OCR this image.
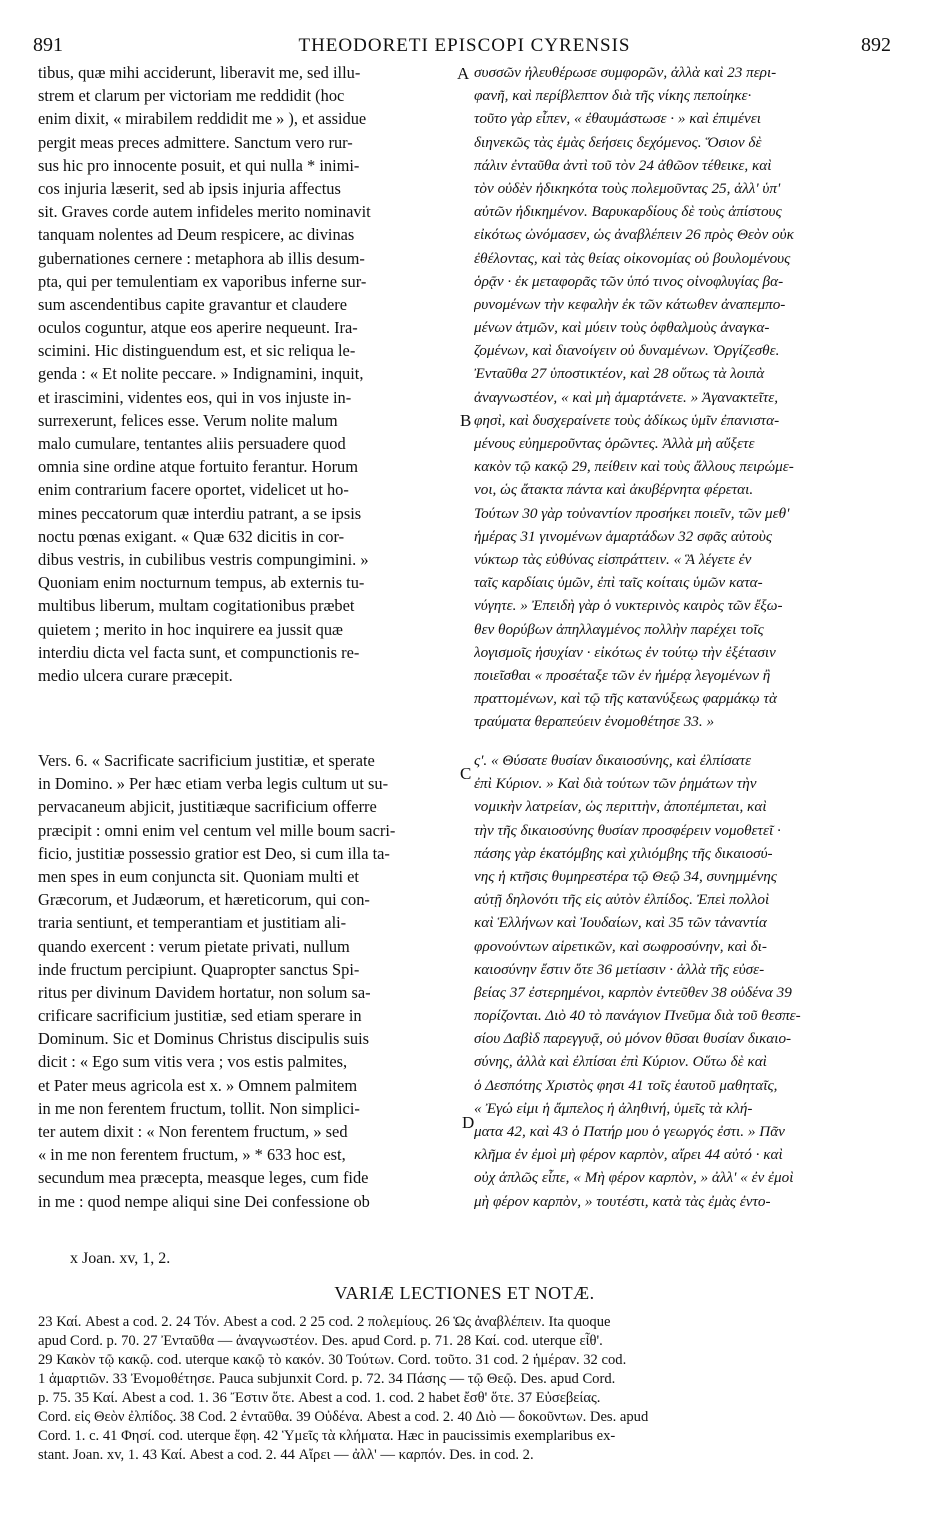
891	THEODORETI EPISCOPI CYRENSIS	892
tibus, quæ mihi acciderunt, liberavit me, sed illu-
strem et clarum per victoriam me reddidit (hoc
enim dixit, « mirabilem reddidit me » ), et assidue
pergit meas preces admittere. Sanctum vero rur-
sus hic pro innocente posuit, et qui nulla * inimi-
cos injuria læserit, sed ab ipsis injuria affectus
sit. Graves corde autem infideles merito nominavit
tanquam nolentes ad Deum respicere, ac divinas
gubernationes cernere : metaphora ab illis desum-
pta, qui per temulentiam ex vaporibus inferne sur-
sum ascendentibus capite gravantur et claudere
oculos coguntur, atque eos aperire nequeunt. Ira-
scimini. Hic distinguendum est, et sic reliqua le-
genda : « Et nolite peccare. » Indignamini, inquit,
et irascimini, videntes eos, qui in vos injuste in-
surrexerunt, felices esse. Verum nolite malum
malo cumulare, tentantes aliis persuadere quod
omnia sine ordine atque fortuito ferantur. Horum
enim contrarium facere oportet, videlicet ut ho-
mines peccatorum quæ interdiu patrant, a se ipsis
noctu pœnas exigant. « Quæ 632 dicitis in cor-
dibus vestris, in cubilibus vestris compungimini. »
Quoniam enim nocturnum tempus, ab externis tu-
multibus liberum, multam cogitationibus præbet
quietem ; merito in hoc inquirere ea jussit quæ
interdiu dicta vel facta sunt, et compunctionis re-
medio ulcera curare præcepit.
Vers. 6. « Sacrificate sacrificium justitiæ, et sperate
in Domino. » Per hæc etiam verba legis cultum ut su-
pervacaneum abjicit, justitiæque sacrificium offerre
præcipit : omni enim vel centum vel mille boum sacri-
ficio, justitiæ possessio gratior est Deo, si cum illa ta-
men spes in eum conjuncta sit. Quoniam multi et
Græcorum, et Judæorum, et hæreticorum, qui con-
traria sentiunt, et temperantiam et justitiam ali-
quando exercent : verum pietate privati, nullum
inde fructum percipiunt. Quapropter sanctus Spi-
ritus per divinum Davidem hortatur, non solum sa-
crificare sacrificium justitiæ, sed etiam sperare in
Dominum. Sic et Dominus Christus discipulis suis
dicit : « Ego sum vitis vera ; vos estis palmites,
et Pater meus agricola est x. » Omnem palmitem
in me non ferentem fructum, tollit. Non simplici-
ter autem dixit : « Non ferentem fructum, » sed
« in me non ferentem fructum, » * 633 hoc est,
secundum mea præcepta, measque leges, cum fide
in me : quod nempe aliqui sine Dei confessione ob
συσσῶν ἠλευθέρωσε συμφορῶν, ἀλλὰ καὶ 23 περι-
φανῆ, καὶ περίβλεπτον διὰ τῆς νίκης πεποίηκε·
τοῦτο γὰρ εἶπεν, « ἐθαυμάστωσε · » καὶ ἐπιμένει
διηνεκῶς τὰς ἐμὰς δεήσεις δεχόμενος. Ὅσιον δὲ
πάλιν ἐνταῦθα ἀντὶ τοῦ τὸν 24 ἀθῶον τέθεικε, καὶ
τὸν οὐδὲν ἠδικηκότα τοὺς πολεμοῦντας 25, ἀλλ' ὑπ'
αὐτῶν ἠδικημένον. Βαρυκαρδίους δὲ τοὺς ἀπίστους
εἰκότως ὠνόμασεν, ὡς ἀναβλέπειν 26 πρὸς Θεὸν οὐκ
ἐθέλοντας, καὶ τὰς θείας οἰκονομίας οὐ βουλομένους
ὁρᾷν · ἐκ μεταφορᾶς τῶν ὑπό τινος οἰνοφλυγίας βα-
ρυνομένων τὴν κεφαλὴν ἐκ τῶν κάτωθεν ἀναπεμπο-
μένων ἀτμῶν, καὶ μύειν τοὺς ὀφθαλμοὺς ἀναγκα-
ζομένων, καὶ διανοίγειν οὐ δυναμένων. Ὀργίζεσθε.
Ἐνταῦθα 27 ὑποστικτέον, καὶ 28 οὕτως τὰ λοιπὰ
ἀναγνωστέον, « καὶ μὴ ἁμαρτάνετε. » Ἀγανακτεῖτε,
φησὶ, καὶ δυσχεραίνετε τοὺς ἀδίκως ὑμῖν ἐπανιστα-
μένους εὐημεροῦντας ὁρῶντες. Ἀλλὰ μὴ αὔξετε
κακὸν τῷ κακῷ 29, πείθειν καὶ τοὺς ἄλλους πειρώμε-
νοι, ὡς ἄτακτα πάντα καὶ ἀκυβέρνητα φέρεται.
Τούτων 30 γὰρ τοὐναντίον προσήκει ποιεῖν, τῶν μεθ'
ἡμέρας 31 γινομένων ἁμαρτάδων 32 σφᾶς αὐτοὺς
νύκτωρ τὰς εὐθύνας εἰσπράττειν. « Ἃ λέγετε ἐν
ταῖς καρδίαις ὑμῶν, ἐπὶ ταῖς κοίταις ὑμῶν κατα-
νύγητε. » Ἐπειδὴ γὰρ ὁ νυκτερινὸς καιρὸς τῶν ἔξω-
θεν θορύβων ἀπηλλαγμένος πολλὴν παρέχει τοῖς
λογισμοῖς ἡσυχίαν · εἰκότως ἐν τούτῳ τὴν ἐξέτασιν
ποιεῖσθαι « προσέταξε τῶν ἐν ἡμέρᾳ λεγομένων ἢ
πραττομένων, καὶ τῷ τῆς κατανύξεως φαρμάκῳ τὰ
τραύματα θεραπεύειν ἐνομοθέτησε 33. »
ς'. « Θύσατε θυσίαν δικαιοσύνης, καὶ ἐλπίσατε
ἐπὶ Κύριον. » Καὶ διὰ τούτων τῶν ῥημάτων τὴν
νομικὴν λατρείαν, ὡς περιττὴν, ἀποπέμπεται, καὶ
τὴν τῆς δικαιοσύνης θυσίαν προσφέρειν νομοθετεῖ ·
πάσης γὰρ ἑκατόμβης καὶ χιλιόμβης τῆς δικαιοσύ-
νης ἡ κτῆσις θυμηρεστέρα τῷ Θεῷ 34, συνημμένης
αὐτῇ δηλονότι τῆς εἰς αὐτὸν ἐλπίδος. Ἐπεὶ πολλοὶ
καὶ Ἑλλήνων καὶ Ἰουδαίων, καὶ 35 τῶν τἀναντία
φρονούντων αἱρετικῶν, καὶ σωφροσύνην, καὶ δι-
καιοσύνην ἔστιν ὅτε 36 μετίασιν · ἀλλὰ τῆς εὐσε-
βείας 37 ἐστερημένοι, καρπὸν ἐντεῦθεν 38 οὐδένα 39
πορίζονται. Διὸ 40 τὸ πανάγιον Πνεῦμα διὰ τοῦ θεσπε-
σίου Δαβὶδ παρεγγυᾷ, οὐ μόνον θῦσαι θυσίαν δικαιο-
σύνης, ἀλλὰ καὶ ἐλπίσαι ἐπὶ Κύριον. Οὕτω δὲ καὶ
ὁ Δεσπότης Χριστὸς φησι 41 τοῖς ἑαυτοῦ μαθηταῖς,
« Ἐγώ εἰμι ἡ ἄμπελος ἡ ἀληθινή, ὑμεῖς τὰ κλή-
ματα 42, καὶ 43 ὁ Πατήρ μου ὁ γεωργός ἐστι. » Πᾶν
κλῆμα ἐν ἐμοὶ μὴ φέρον καρπὸν, αἴρει 44 αὐτό · καὶ
οὐχ ἁπλῶς εἶπε, « Μὴ φέρον καρπὸν, » ἀλλ' « ἐν ἐμοὶ
μὴ φέρον καρπὸν, » τουτέστι, κατὰ τὰς ἐμὰς ἐντο-
A
B
C
D
x Joan. xv, 1, 2.
VARIÆ LECTIONES ET NOTÆ.
23 Καί. Abest a cod. 2. 24 Τόν. Abest a cod. 2 25 cod. 2 πολεμίους. 26 Ὡς ἀναβλέπειν. Ita quoque
apud Cord. p. 70. 27 Ἐνταῦθα — ἀναγνωστέον. Des. apud Cord. p. 71. 28 Καί. cod. uterque εἶθ'.
29 Κακὸν τῷ κακῷ. cod. uterque κακῷ τὸ κακόν. 30 Τούτων. Cord. τοῦτο. 31 cod. 2 ἡμέραν. 32 cod.
1 ἁμαρτιῶν. 33 Ἐνομοθέτησε. Pauca subjunxit Cord. p. 72. 34 Πάσης — τῷ Θεῷ. Des. apud Cord.
p. 75. 35 Καί. Abest a cod. 1. 36 Ἔστιν ὅτε. Abest a cod. 1. cod. 2 habet ἔσθ' ὅτε. 37 Εὐσεβείας.
Cord. εἰς Θεὸν ἐλπίδος. 38 Cod. 2 ἐνταῦθα. 39 Οὐδένα. Abest a cod. 2. 40 Διὸ — δοκοῦντων. Des. apud
Cord. 1. c. 41 Φησί. cod. uterque ἔφη. 42 Ὑμεῖς τὰ κλήματα. Hæc in paucissimis exemplaribus ex-
stant. Joan. xv, 1. 43 Καί. Abest a cod. 2. 44 Αἴρει — ἀλλ' — καρπόν. Des. in cod. 2.
